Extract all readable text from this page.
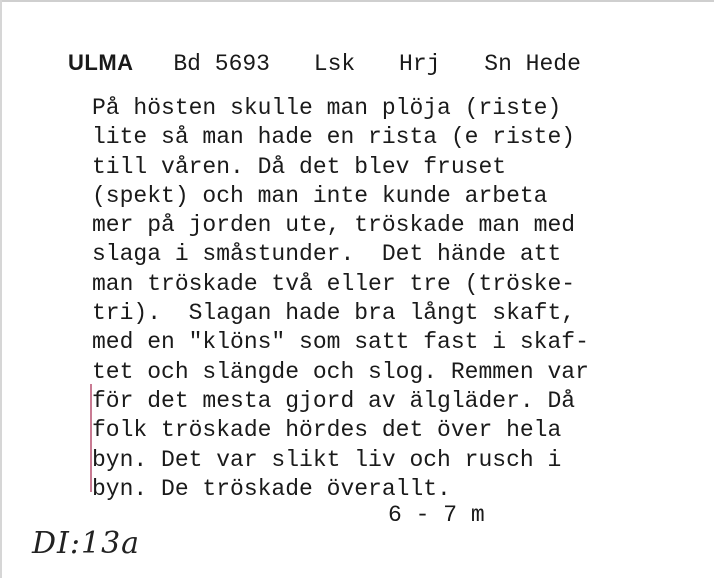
ULMA Bd 5693 Lsk Hrj Sn Hede
På hösten skulle man plöja (riste)
lite så man hade en rista (e riste)
till våren. Då det blev fruset
(spekt) och man inte kunde arbeta
mer på jorden ute, tröskade man med
slaga i småstunder.  Det hände att
man tröskade två eller tre (tröske-
tri).  Slagan hade bra långt skaft,
med en "klöns" som satt fast i skaf-
tet och slängde och slog. Remmen var
för det mesta gjord av älgläder. Då
folk tröskade hördes det över hela
byn. Det var slikt liv och rusch i
byn. De tröskade överallt.
6 - 7 m
DI:13a
